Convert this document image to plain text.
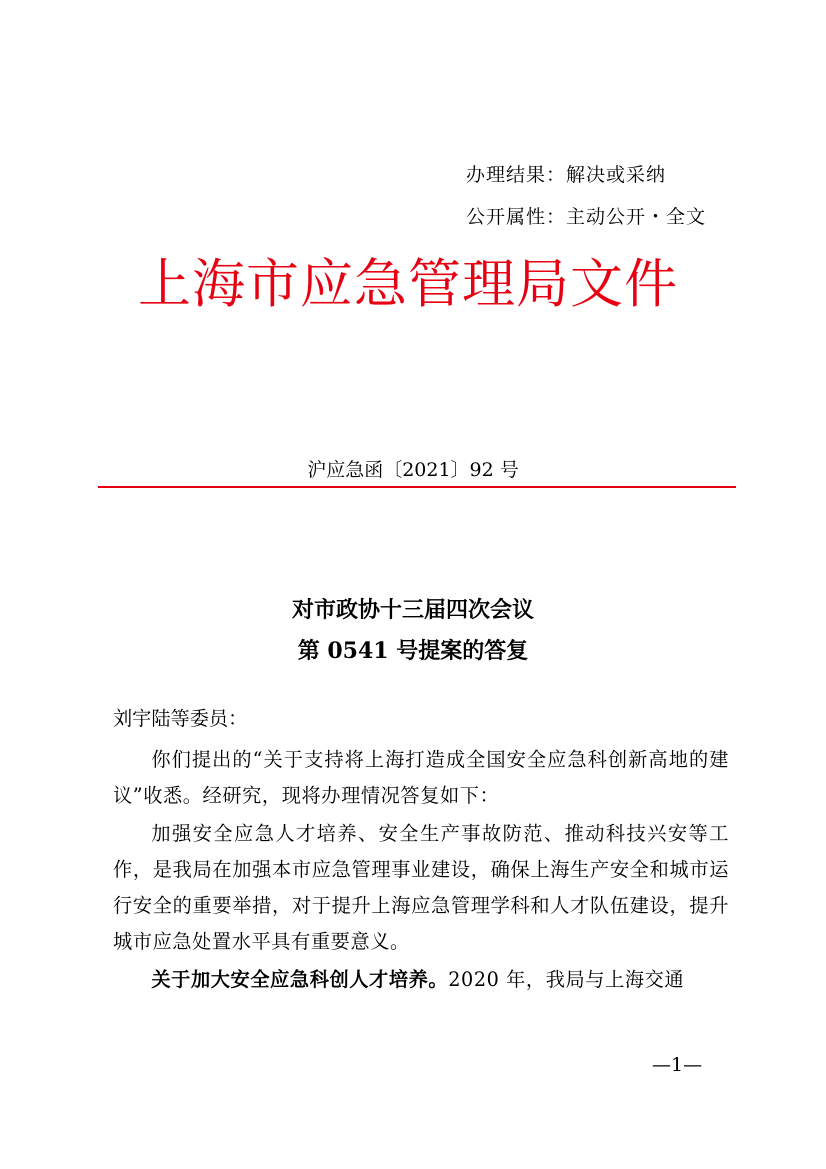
办理结果：解决或采纳
公开属性：主动公开・全文
上海市应急管理局文件
沪应急函〔2021〕92 号
对市政协十三届四次会议
第 0541 号提案的答复
刘宇陆等委员：

你们提出的“关于支持将上海打造成全国安全应急科创新高地的建议”收悉。经研究，现将办理情况答复如下：

加强安全应急人才培养、安全生产事故防范、推动科技兴安等工作，是我局在加强本市应急管理事业建设，确保上海生产安全和城市运行安全的重要举措，对于提升上海应急管理学科和人才队伍建设，提升城市应急处置水平具有重要意义。

关于加大安全应急科创人才培养。2020 年，我局与上海交通

—1—
